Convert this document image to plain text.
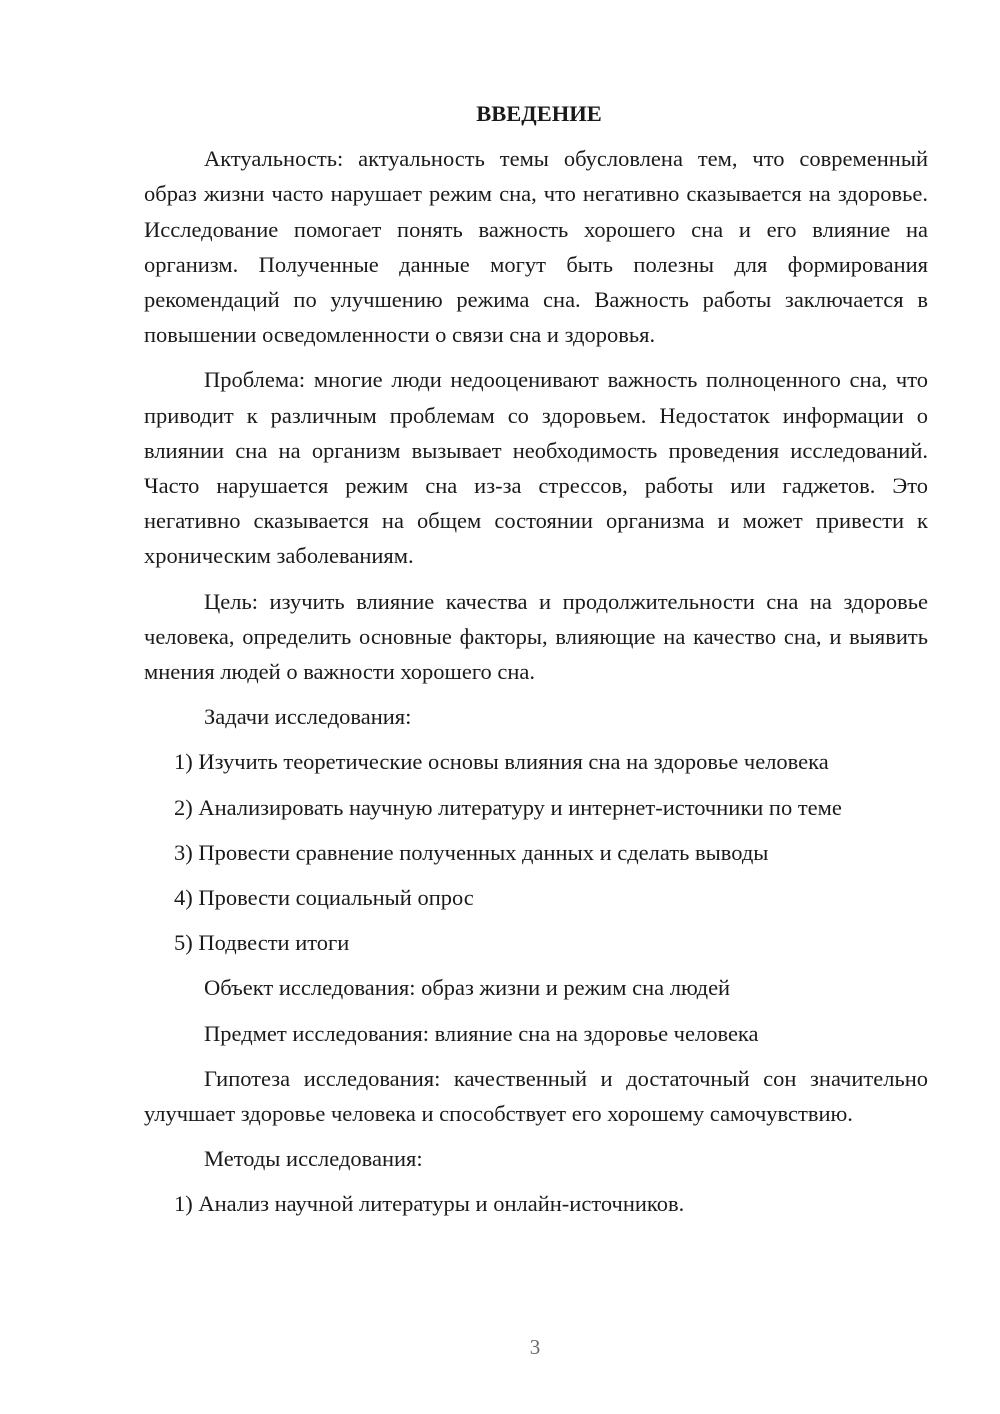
ВВЕДЕНИЕ

Актуальность: актуальность темы обусловлена тем, что современный образ жизни часто нарушает режим сна, что негативно сказывается на здоровье. Исследование помогает понять важность хорошего сна и его влияние на организм. Полученные данные могут быть полезны для формирования рекомендаций по улучшению режима сна. Важность работы заключается в повышении осведомленности о связи сна и здоровья.

Проблема: многие люди недооценивают важность полноценного сна, что приводит к различным проблемам со здоровьем. Недостаток информации о влиянии сна на организм вызывает необходимость проведения исследований. Часто нарушается режим сна из-за стрессов, работы или гаджетов. Это негативно сказывается на общем состоянии организма и может привести к хроническим заболеваниям.

Цель: изучить влияние качества и продолжительности сна на здоровье человека, определить основные факторы, влияющие на качество сна, и выявить мнения людей о важности хорошего сна.

Задачи исследования:

1) Изучить теоретические основы влияния сна на здоровье человека

2) Анализировать научную литературу и интернет-источники по теме

3) Провести сравнение полученных данных и сделать выводы

4) Провести социальный опрос

5) Подвести итоги

Объект исследования: образ жизни и режим сна людей

Предмет исследования: влияние сна на здоровье человека

Гипотеза исследования: качественный и достаточный сон значительно улучшает здоровье человека и способствует его хорошему самочувствию.

Методы исследования:

1) Анализ научной литературы и онлайн-источников.

3
